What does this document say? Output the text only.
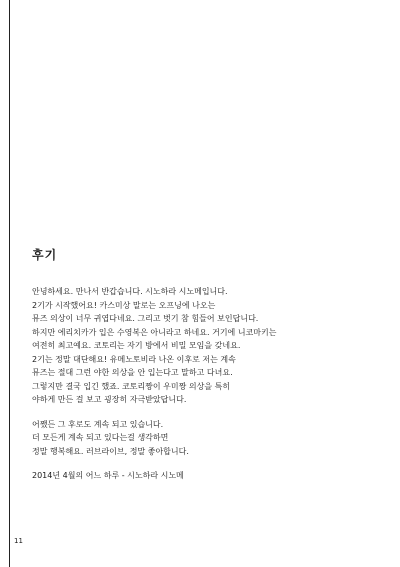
후기

안녕하세요. 만나서 반갑습니다. 시노하라 시노메입니다.
2기가 시작했어요! 카스미상 말로는 오프닝에 나오는
뮤즈 의상이 너무 귀엽다네요. 그리고 벗기 참 힘들어 보인답니다.
하지만 에리치카가 입은 수영복은 아니라고 하네요. 거기에 니코마키는
여전히 최고예요. 코토리는 자기 방에서 비밀 모임을 갖네요.
2기는 정말 대단해요! 유메노토비라 나온 이후로 저는 계속
뮤즈는 절대 그런 야한 의상을 안 입는다고 말하고 다녀요.
그렇지만 결국 입긴 했죠. 코토리짱이 우미짱 의상을 특히
야하게 만든 걸 보고 굉장히 자극받았답니다.

어쨌든 그 후로도 계속 되고 있습니다.
더 모든게 계속 되고 있다는걸 생각하면
정말 행복해요. 러브라이브, 정말 좋아합니다.

2014년 4월의 어느 하루 - 시노하라 시노메
11
